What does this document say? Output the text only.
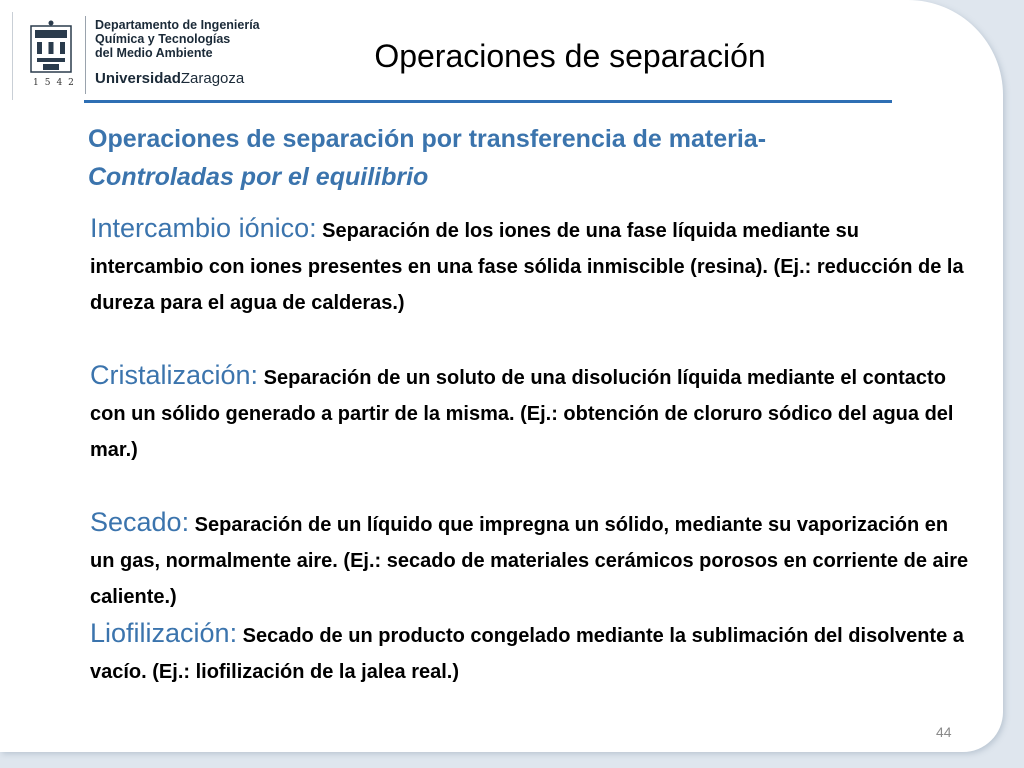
1542
Departamento de Ingeniería
Química y Tecnologías
del Medio Ambiente
UniversidadZaragoza
Operaciones de separación
Operaciones de separación por transferencia de materia-
Controladas por el equilibrio

Intercambio iónico: Separación de los iones de una fase líquida mediante su intercambio con iones presentes en una fase sólida inmiscible (resina). (Ej.: reducción de la dureza para el agua de calderas.)

Cristalización: Separación de un soluto de una disolución líquida mediante el contacto con un sólido generado a partir de la misma. (Ej.: obtención de cloruro sódico del agua del mar.)

Secado: Separación de un líquido que impregna un sólido, mediante su vaporización en un gas, normalmente aire. (Ej.: secado de materiales cerámicos porosos en corriente de aire caliente.)

Liofilización: Secado de un producto congelado mediante la sublimación del disolvente a vacío. (Ej.: liofilización de la jalea real.)

44
